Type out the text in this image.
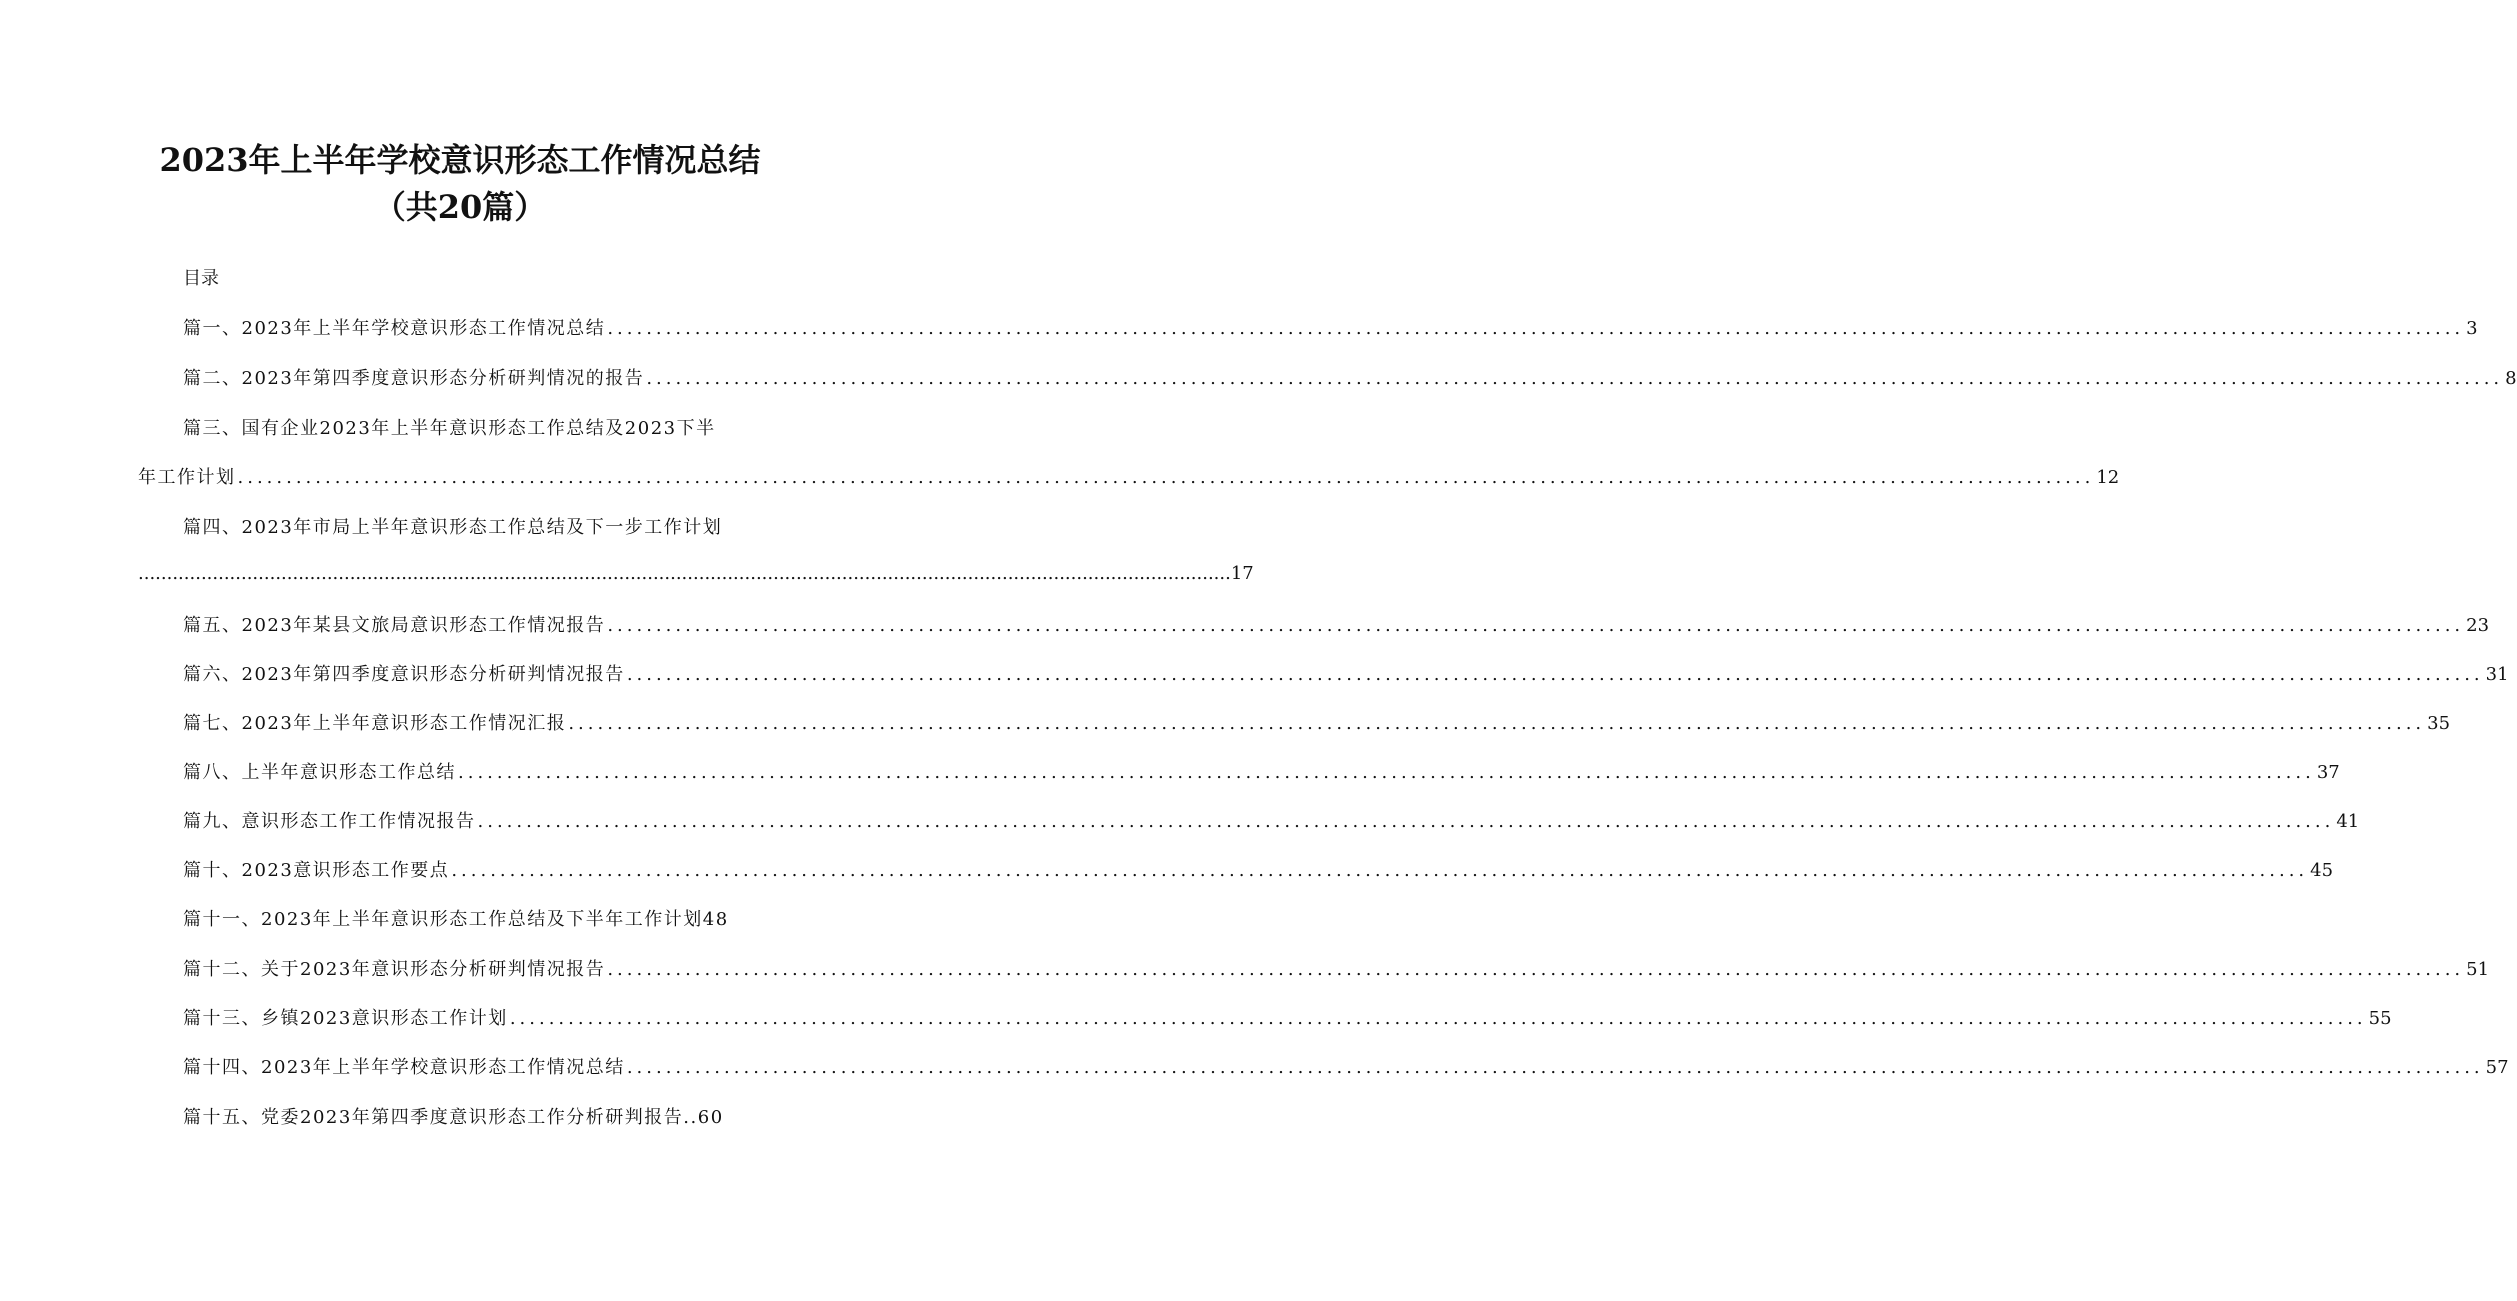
2023年上半年学校意识形态工作情况总结
（共20篇）
目录
篇一、2023年上半年学校意识形态工作情况总结 ............................................................................................................................................................................................... 3
篇二、2023年第四季度意识形态分析研判情况的报告 ............................................................................................................................................................................................... 8
篇三、国有企业2023年上半年意识形态工作总结及2023下半
年工作计划 ............................................................................................................................................................................................... 12
篇四、2023年市局上半年意识形态工作总结及下一步工作计划
............................................................................................................................................................................................... 17
篇五、2023年某县文旅局意识形态工作情况报告 ............................................................................................................................................................................................... 23
篇六、2023年第四季度意识形态分析研判情况报告 ............................................................................................................................................................................................... 31
篇七、2023年上半年意识形态工作情况汇报 ............................................................................................................................................................................................... 35
篇八、上半年意识形态工作总结 ............................................................................................................................................................................................... 37
篇九、意识形态工作工作情况报告 ............................................................................................................................................................................................... 41
篇十、2023意识形态工作要点 ............................................................................................................................................................................................... 45
篇十一、2023年上半年意识形态工作总结及下半年工作计划48
篇十二、关于2023年意识形态分析研判情况报告 ............................................................................................................................................................................................... 51
篇十三、乡镇2023意识形态工作计划 ............................................................................................................................................................................................... 55
篇十四、2023年上半年学校意识形态工作情况总结 ............................................................................................................................................................................................... 57
篇十五、党委2023年第四季度意识形态工作分析研判报告..60
